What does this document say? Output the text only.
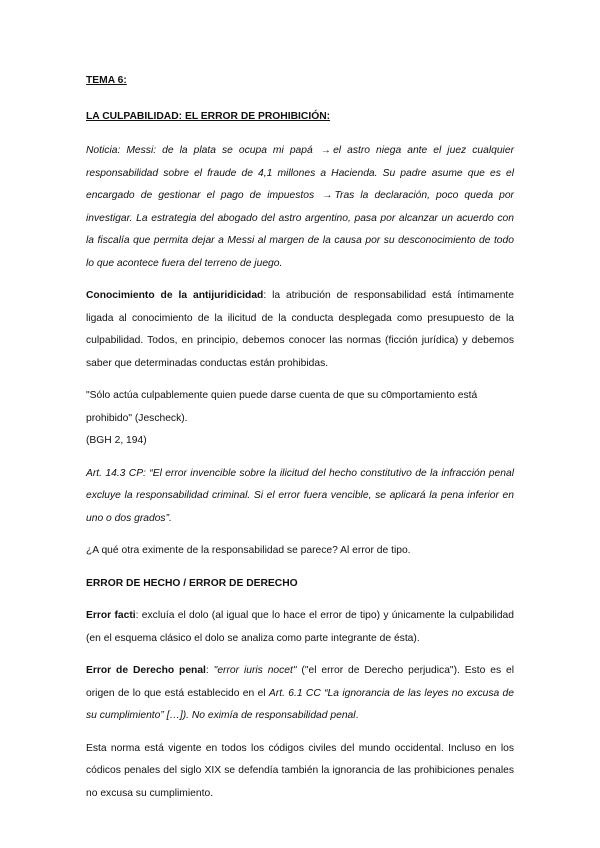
TEMA 6:

LA CULPABILIDAD: EL ERROR DE PROHIBICIÓN:

Noticia: Messi: de la plata se ocupa mi papá → el astro niega ante el juez cualquier responsabilidad sobre el fraude de 4,1 millones a Hacienda. Su padre asume que es el encargado de gestionar el pago de impuestos → Tras la declaración, poco queda por investigar. La estrategia del abogado del astro argentino, pasa por alcanzar un acuerdo con la fiscalía que permita dejar a Messi al margen de la causa por su desconocimiento de todo lo que acontece fuera del terreno de juego.

Conocimiento de la antijuridicidad: la atribución de responsabilidad está íntimamente ligada al conocimiento de la ilicitud de la conducta desplegada como presupuesto de la culpabilidad. Todos, en principio, debemos conocer las normas (ficción jurídica) y debemos saber que determinadas conductas están prohibidas.

"Sólo actúa culpablemente quien puede darse cuenta de que su c0mportamiento está prohibido" (Jescheck).

(BGH 2, 194)

Art. 14.3 CP: “El error invencible sobre la ilicitud del hecho constitutivo de la infracción penal excluye la responsabilidad criminal. Si el error fuera vencible, se aplicará la pena inferior en uno o dos grados”.

¿A qué otra eximente de la responsabilidad se parece? Al error de tipo.

ERROR DE HECHO / ERROR DE DERECHO

Error facti: excluía el dolo (al igual que lo hace el error de tipo) y únicamente la culpabilidad (en el esquema clásico el dolo se analiza como parte integrante de ésta).

Error de Derecho penal: "error iuris nocet" ("el error de Derecho perjudica"). Esto es el origen de lo que está establecido en el Art. 6.1 CC “La ignorancia de las leyes no excusa de su cumplimiento” […]). No eximía de responsabilidad penal.

Esta norma está vigente en todos los códigos civiles del mundo occidental. Incluso en los códicos penales del siglo XIX se defendía también la ignorancia de las prohibiciones penales no excusa su cumplimiento.
